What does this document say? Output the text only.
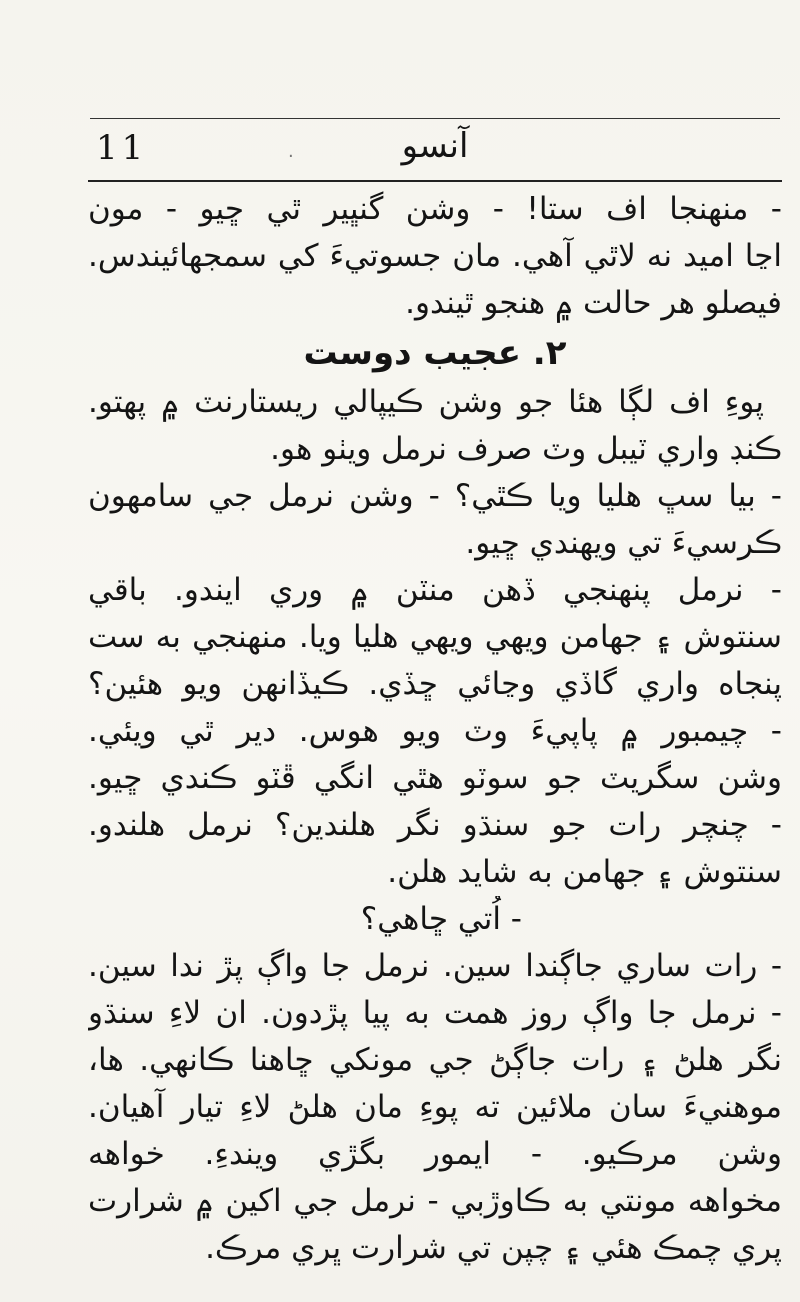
11	·	آنسو
- منهنجا اف ستا! - وشن گنڀير ٿي ڇيو - مون
اڃا اميد نه لاٿي آهي. مان جسوتيءَ کي سمجهائيندس.
فيصلو هر حالت ۾ هنجو ٿيندو.
٢. عجيب دوست
پوءِ اف لڳا هئا جو وشن ڪيپالي ريستارنٽ ۾ پهتو.
ڪنڊ واري ٽيبل وٽ صرف نرمل ويٺو هو.
- بيا سڀ هليا ويا ڪٿي؟ - وشن نرمل جي سامهون
ڪرسيءَ تي ويهندي ڇيو.
- نرمل پنهنجي ڏهن منٽن ۾ وري ايندو. باقي
سنتوش ۽ جهامن ويهي ويهي هليا ويا. منهنجي به ست
پنجاه واري گاڏي وڃائي ڇڏي. ڪيڏانهن ويو هئين؟
- چيمبور ۾ پاپيءَ وٽ ويو هوس. دير ٿي ويئي.
وشن سگريٽ جو سوٽو هٿي انگي ڦٽو ڪندي ڇيو.
- چنچر رات جو سنڌو نگر هلندين؟ نرمل هلندو.
سنتوش ۽ جهامن به شايد هلن.
- اُتي ڇاهي؟
- رات ساري جاڳندا سين. نرمل جا واڳ پڙ ندا سين.
- نرمل جا واڳ روز همت به پيا پڙدون. ان لاءِ سنڌو
نگر هلڻ ۽ رات جاڳڻ جي مونکي ڇاهنا ڪانهي. ها،
موهنيءَ سان ملائين ته پوءِ مان هلڻ لاءِ تيار آهيان.
وشن مرڪيو. - ايمور بگڙي ويندءِ. خواهه
مخواهه مونتي به ڪاوڙبي - نرمل جي اکين ۾ شرارت
پري چمڪ هئي ۽ چپن تي شرارت ڀري مرڪ.
